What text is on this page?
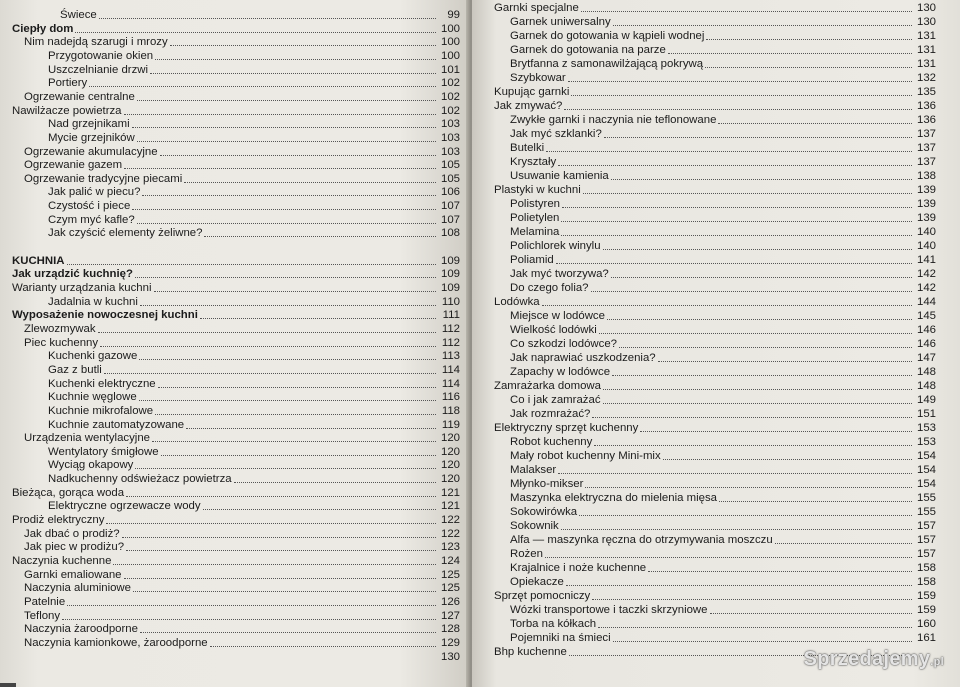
Świece	99
Ciepły dom	100
Nim nadejdą szarugi i mrozy	100
Przygotowanie okien	100
Uszczelnianie drzwi	101
Portiery	102
Ogrzewanie centralne	102
Nawilżacze powietrza	102
Nad grzejnikami	103
Mycie grzejników	103
Ogrzewanie akumulacyjne	103
Ogrzewanie gazem	105
Ogrzewanie tradycyjne piecami	105
Jak palić w piecu?	106
Czystość i piece	107
Czym myć kafle?	107
Jak czyścić elementy żeliwne?	108
KUCHNIA	109
Jak urządzić kuchnię?	109
Warianty urządzania kuchni	109
Jadalnia w kuchni	110
Wyposażenie nowoczesnej kuchni	111
Zlewozmywak	112
Piec kuchenny	112
Kuchenki gazowe	113
Gaz z butli	114
Kuchenki elektryczne	114
Kuchnie węglowe	116
Kuchnie mikrofalowe	118
Kuchnie zautomatyzowane	119
Urządzenia wentylacyjne	120
Wentylatory śmigłowe	120
Wyciąg okapowy	120
Nadkuchenny odświeżacz powietrza	120
Bieżąca, gorąca woda	121
Elektryczne ogrzewacze wody	121
Prodiż elektryczny	122
Jak dbać o prodiż?	122
Jak piec w prodiżu?	123
Naczynia kuchenne	124
Garnki emaliowane	125
Naczynia aluminiowe	125
Patelnie	126
Teflony	127
Naczynia żaroodporne	128
Naczynia kamionkowe, żaroodporne	129
130
Garnki specjalne	130
Garnek uniwersalny	130
Garnek do gotowania w kąpieli wodnej	131
Garnek do gotowania na parze	131
Brytfanna z samonawilżającą pokrywą	131
Szybkowar	132
Kupując garnki	135
Jak zmywać?	136
Zwykłe garnki i naczynia nie teflonowane	136
Jak myć szklanki?	137
Butelki	137
Kryształy	137
Usuwanie kamienia	138
Plastyki w kuchni	139
Polistyren	139
Polietylen	139
Melamina	140
Polichlorek winylu	140
Poliamid	141
Jak myć tworzywa?	142
Do czego folia?	142
Lodówka	144
Miejsce w lodówce	145
Wielkość lodówki	146
Co szkodzi lodówce?	146
Jak naprawiać uszkodzenia?	147
Zapachy w lodówce	148
Zamrażarka domowa	148
Co i jak zamrażać	149
Jak rozmrażać?	151
Elektryczny sprzęt kuchenny	153
Robot kuchenny	153
Mały robot kuchenny Mini-mix	154
Malakser	154
Młynko-mikser	154
Maszynka elektryczna do mielenia mięsa	155
Sokowirówka	155
Sokownik	157
Alfa — maszynka ręczna do otrzymywania moszczu	157
Rożen	157
Krajalnice i noże kuchenne	158
Opiekacze	158
Sprzęt pomocniczy	159
Wózki transportowe i taczki skrzyniowe	159
Torba na kółkach	160
Pojemniki na śmieci	161
Bhp kuchenne	Sprzedajemy.pl
